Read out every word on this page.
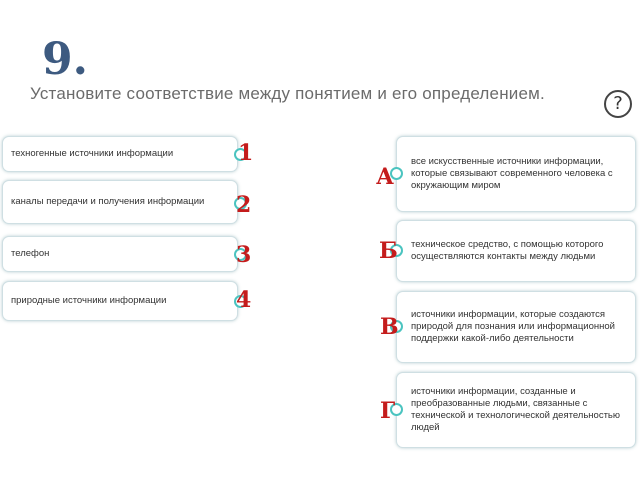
9.
Установите соответствие между понятием и его определением.	?
техногенные источники информации
каналы передачи и получения информации
телефон
природные источники информации
1
2
3
4
все искусственные источники информации, которые связывают современного человека с окружающим миром
техническое средство, с помощью которого осуществляются контакты между людьми
источники информации, которые создаются природой для познания или информационной поддержки какой-либо деятельности
источники информации, созданные и преобразованные людьми, связанные с технической и технологической деятельностью людей
А
Б
В
Г
